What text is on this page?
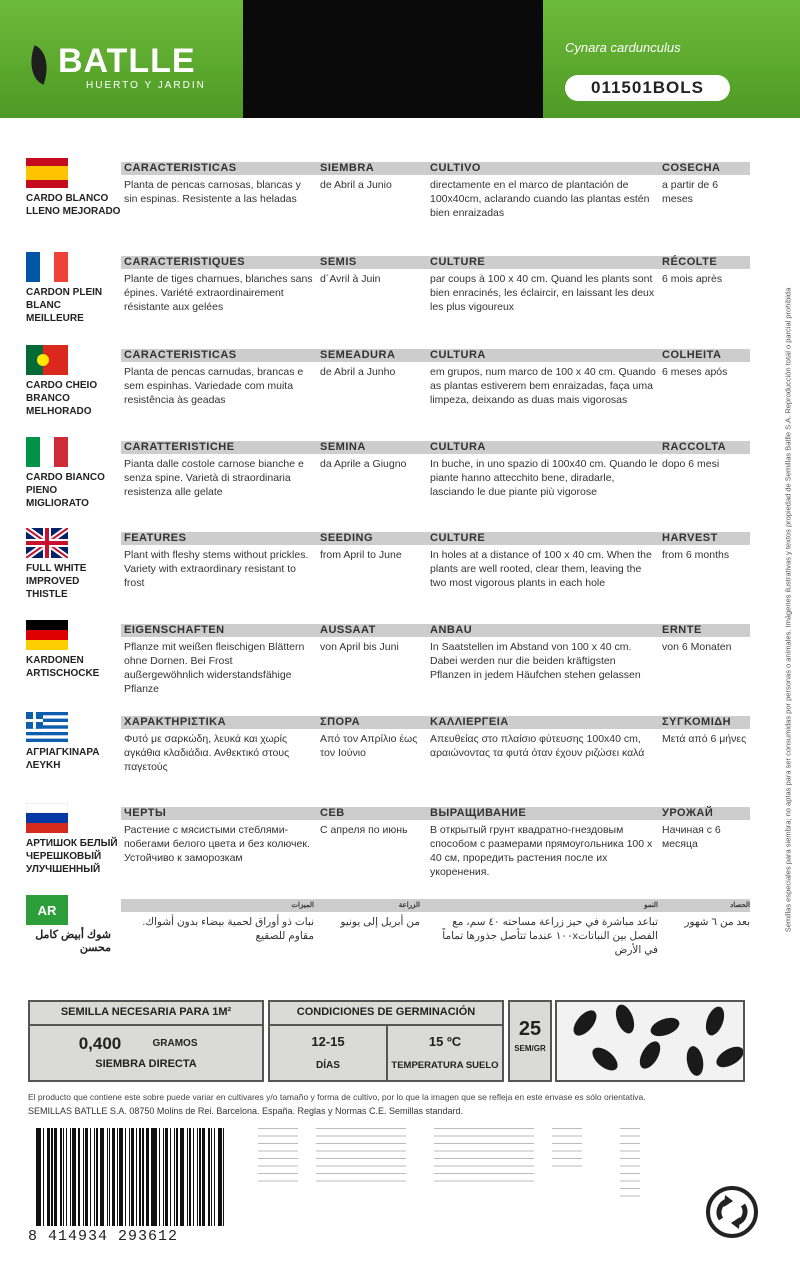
BATLLE
HUERTO Y JARDIN
Cynara cardunculus
011501BOLS
Semillas especiales para siembra; no aptas para ser consumidas por personas o animales. Imágenes ilustrativas y textos propiedad de Semillas Batlle S.A. Reproducción total o parcial prohibida
CARDO BLANCO LLENO MEJORADO
CARACTERISTICAS
Planta de pencas carnosas, blancas y sin espinas. Resistente a las heladas
SIEMBRA
de Abril a Junio
CULTIVO
directamente en el marco de plantación de 100x40cm, aclarando cuando las plantas estén bien enraizadas
COSECHA
a partir de 6 meses
CARDON PLEIN BLANC MEILLEURE
CARACTERISTIQUES
Plante de tiges charnues, blanches sans épines. Variété extraordinairement résistante aux gelées
SEMIS
d´Avril à Juin
CULTURE
par coups à 100 x 40 cm. Quand les plants sont bien enracinés, les éclaircir, en laissant les deux les plus vigoureux
RÉCOLTE
6 mois après
CARDO CHEIO BRANCO MELHORADO
CARACTERISTICAS
Planta de pencas carnudas, brancas e sem espinhas. Variedade com muita resistência às geadas
SEMEADURA
de Abril a Junho
CULTURA
em grupos, num marco de 100 x 40 cm. Quando as plantas estiverem bem enraizadas, faça uma limpeza, deixando as duas mais vigorosas
COLHEITA
6 meses após
CARDO BIANCO PIENO MIGLIORATO
CARATTERISTICHE
Pianta dalle costole carnose bianche e senza spine. Varietà di straordinaria resistenza alle gelate
SEMINA
da Aprile a Giugno
CULTURA
In buche, in uno spazio di 100x40 cm. Quando le piante hanno attecchito bene, diradarle, lasciando le due piante più vigorose
RACCOLTA
dopo 6 mesi
FULL WHITE IMPROVED THISTLE
FEATURES
Plant with fleshy stems without prickles. Variety with extraordinary resistant to frost
SEEDING
from April to June
CULTURE
In holes at a distance of 100 x 40 cm. When the plants are well rooted, clear them, leaving the two most vigorous plants in each hole
HARVEST
from 6 months
KARDONEN ARTISCHOCKE
EIGENSCHAFTEN
Pflanze mit weißen fleischigen Blättern ohne Dornen. Bei Frost außergewöhnlich widerstandsfähige Pflanze
AUSSAAT
von April bis Juni
ANBAU
In Saatstellen im Abstand von 100 x 40 cm. Dabei werden nur die beiden kräftigsten Pflanzen in jedem Häufchen stehen gelassen
ERNTE
von 6 Monaten
ΑΓΡΙΑΓΚΙΝΑΡΑ ΛΕΥΚΗ
ΧΑΡΑΚΤΗΡΙΣΤΙΚΑ
Φυτό με σαρκώδη, λευκά και χωρίς αγκάθια κλαδιάδια. Ανθεκτικό στους παγετούς
ΣΠΟΡΑ
Από τον Απρίλιο έως τον Ιούνιο
ΚΑΛΛΙΕΡΓΕΙΑ
Απευθείας στο πλαίσιο φύτευσης 100x40 cm, αραιώνοντας τα φυτά όταν έχουν ριζώσει καλά
ΣΥΓΚΟΜΙΔΗ
Μετά από 6 μήνες
АРТИШОК БЕЛЫЙ ЧЕРЕШКОВЫЙ УЛУЧШЕННЫЙ
ЧЕРТЫ
Растение с мясистыми стеблями-побегами белого цвета и без колючек. Устойчиво к заморозкам
СЕВ
С апреля по июнь
ВЫРАЩИВАНИЕ
В открытый грунт квадратно-гнездовым способом с размерами прямоугольника 100 x 40 см, проредить растения после их укоренения.
УРОЖАЙ
Начиная с 6 месяца
AR
شوك أبيض كامل محسن
الميزات
نبات ذو أوراق لحمية بيضاء بدون أشواك. مقاوم للصقيع
الزراعة
من أبريل إلى يونيو
النمو
تباعد مباشرة في حيز زراعة مساحته ٤٠ سم، مع الفصل بين النباتات١٠٠x عندما تتأصل جذورها تماماً في الأرض
الحصاد
بعد من ٦ شهور
SEMILLA NECESARIA PARA 1M²
0,400	GRAMOS
SIEMBRA DIRECTA
CONDICIONES DE GERMINACIÓN
12-15
DÍAS
15 ºC
TEMPERATURA SUELO
25
SEM/GR
El producto que contiene este sobre puede variar en cultivares y/o tamaño y forma de cultivo, por lo que la imagen que se refleja en este envase es sólo orientativa.
SEMILLAS BATLLE S.A. 08750 Molins de Rei. Barcelona. España. Reglas y Normas C.E. Semillas standard.
8 414934 293612
